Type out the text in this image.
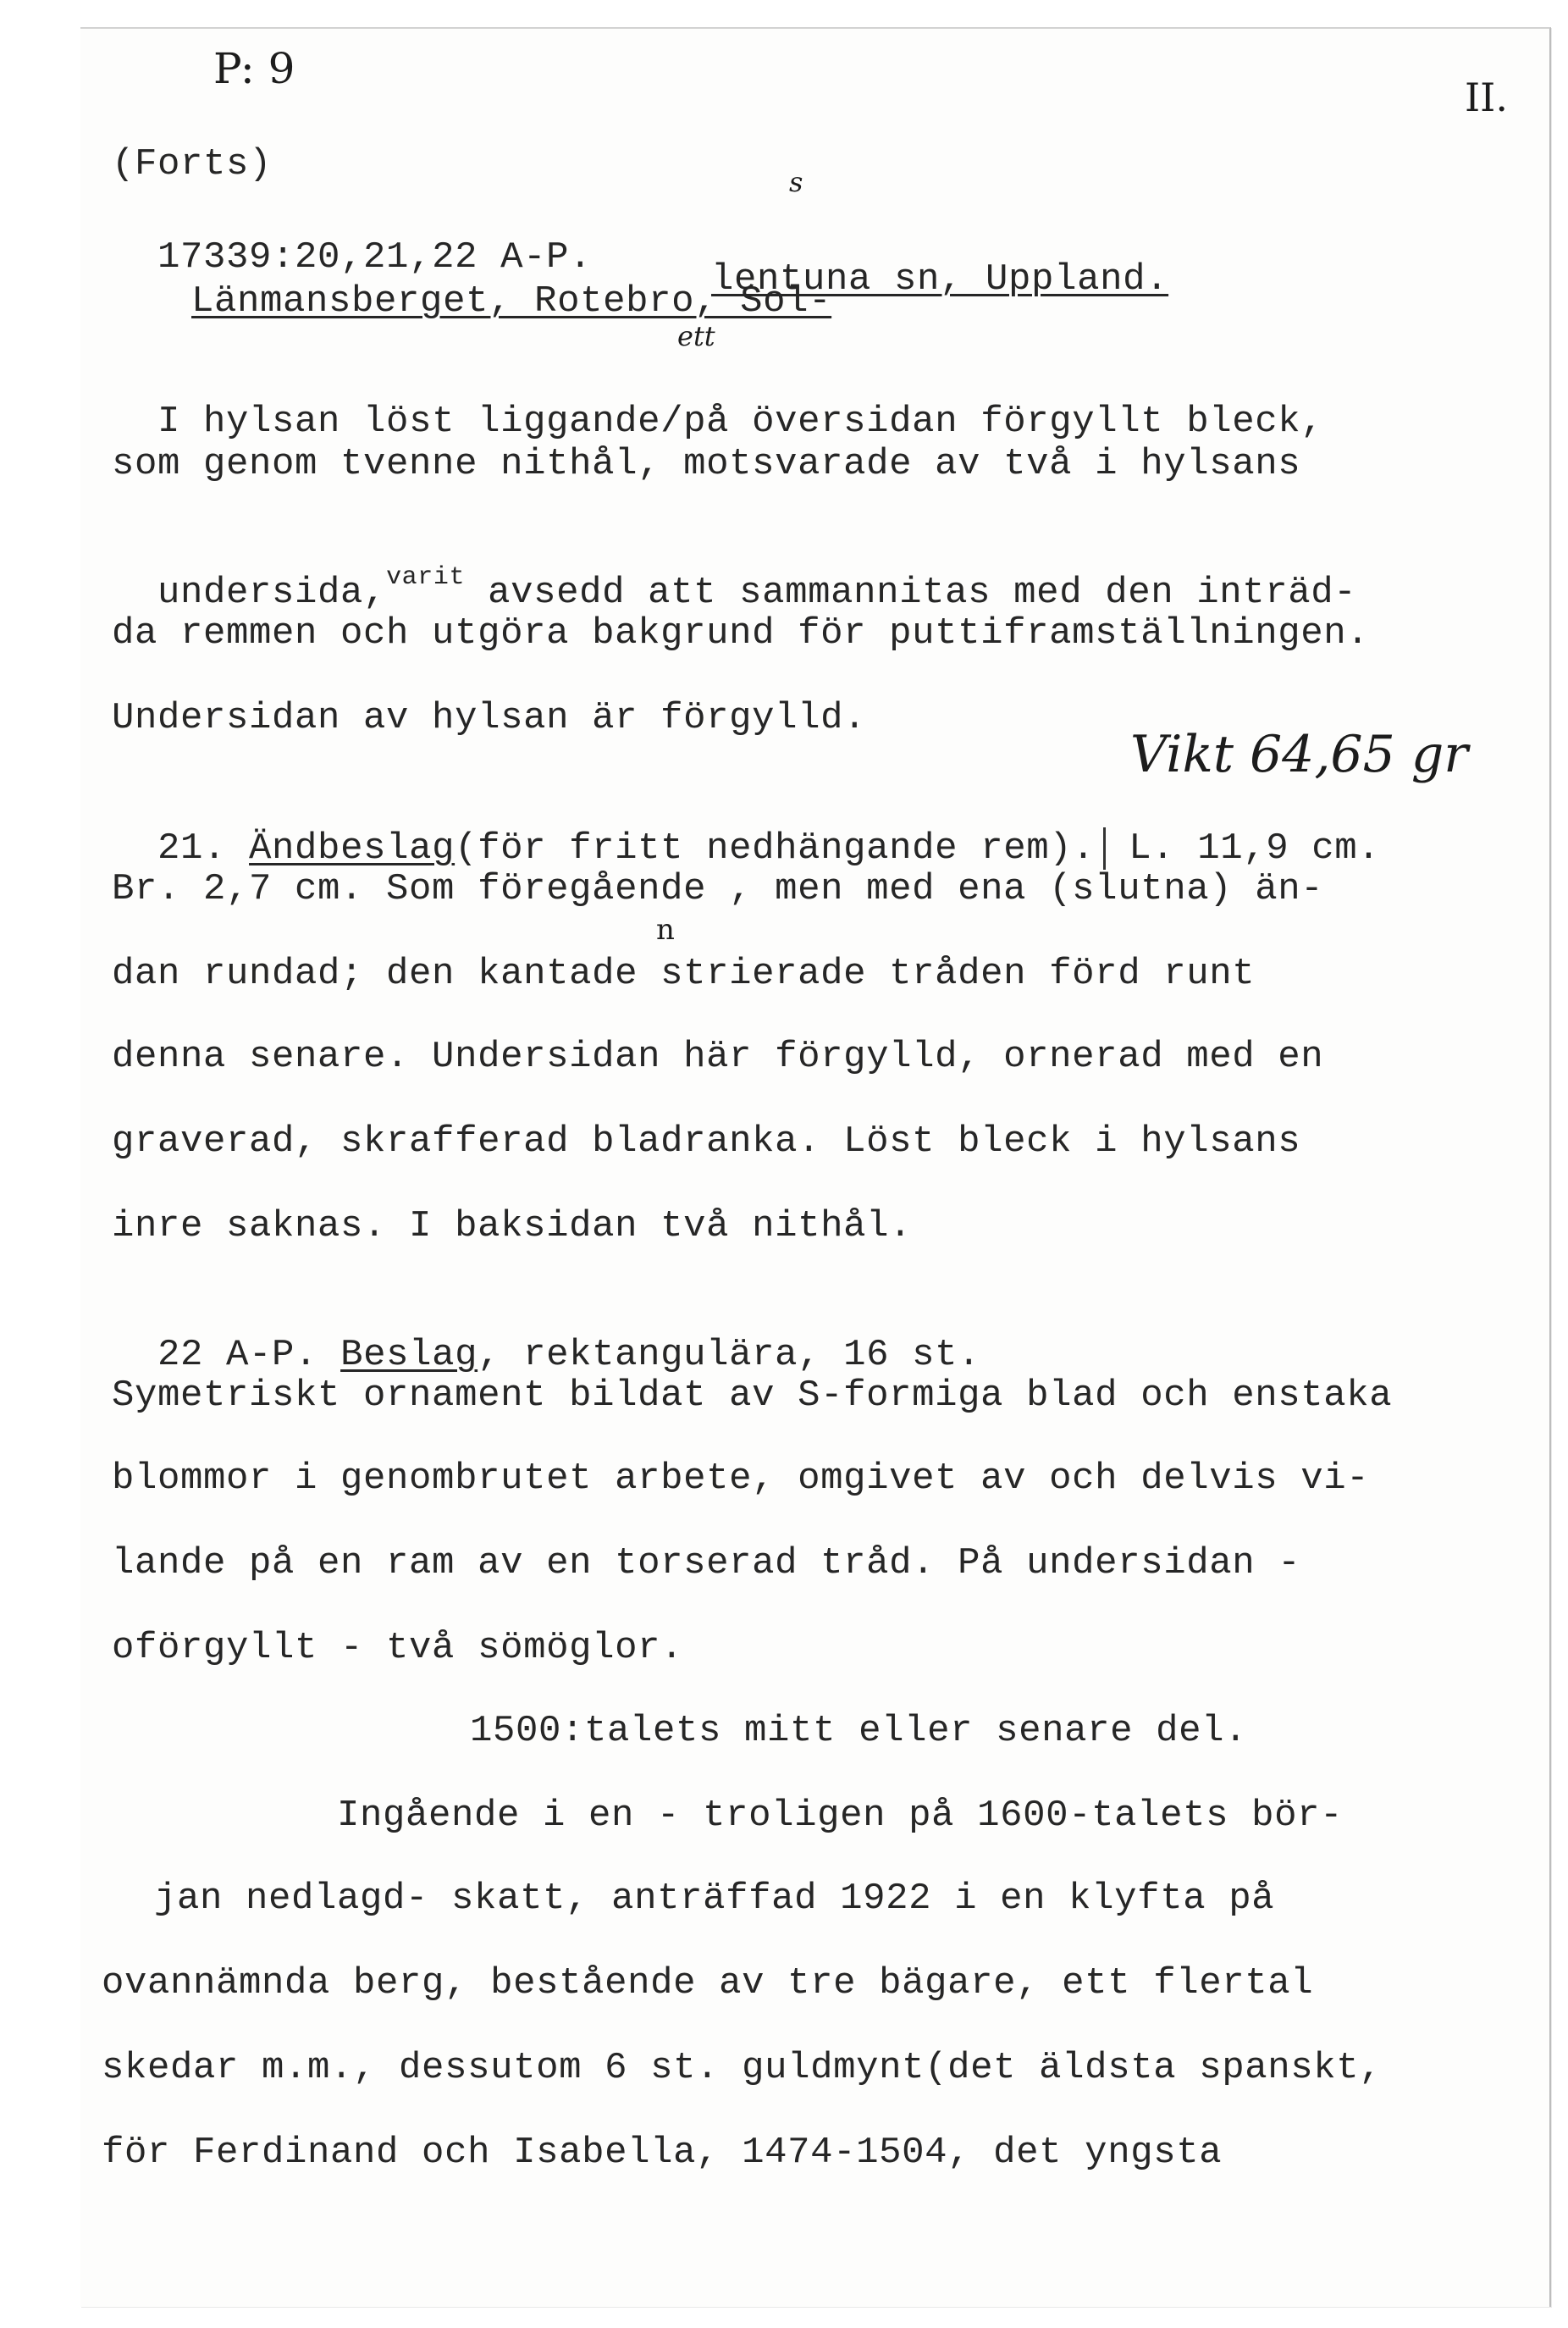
P: 9
II.
(Forts)

17339:20,21,22 A-P.
Länmansberget, Rotebro, Sol-

s
lentuna sn, Uppland.
ett

I hylsan löst liggande/på översidan förgyllt bleck,

som genom tvenne nithål, motsvarade av två i hylsans

undersida,$^{varit}$ avsedd att sammannitas med den inträd-

da remmen och utgöra bakgrund för puttiframställningen.
Undersidan av hylsan är förgylld.
Vikt 64,65 gr

21. Ändbeslag(för fritt nedhängande rem). L. 11,9 cm.

Br. 2,7 cm. Som föregående , men med ena (slutna) än-
n
dan rundad; den kantade strierade tråden förd runt
denna senare. Undersidan här förgylld, ornerad med en
graverad, skrafferad bladranka. Löst bleck i hylsans
inre saknas. I baksidan två nithål.

22 A-P. Beslag, rektangulära, 16 st.

Symetriskt ornament bildat av S-formiga blad och enstaka
blommor i genombrutet arbete, omgivet av och delvis vi-
lande på en ram av en torserad tråd. På undersidan -
oförgyllt - två sömöglor.
1500:talets mitt eller senare del.
Ingående i en - troligen på 1600-talets bör-
jan nedlagd- skatt, anträffad 1922 i en klyfta på
ovannämnda berg, bestående av tre bägare, ett flertal
skedar m.m., dessutom 6 st. guldmynt(det äldsta spanskt,
för Ferdinand och Isabella, 1474-1504, det yngsta
